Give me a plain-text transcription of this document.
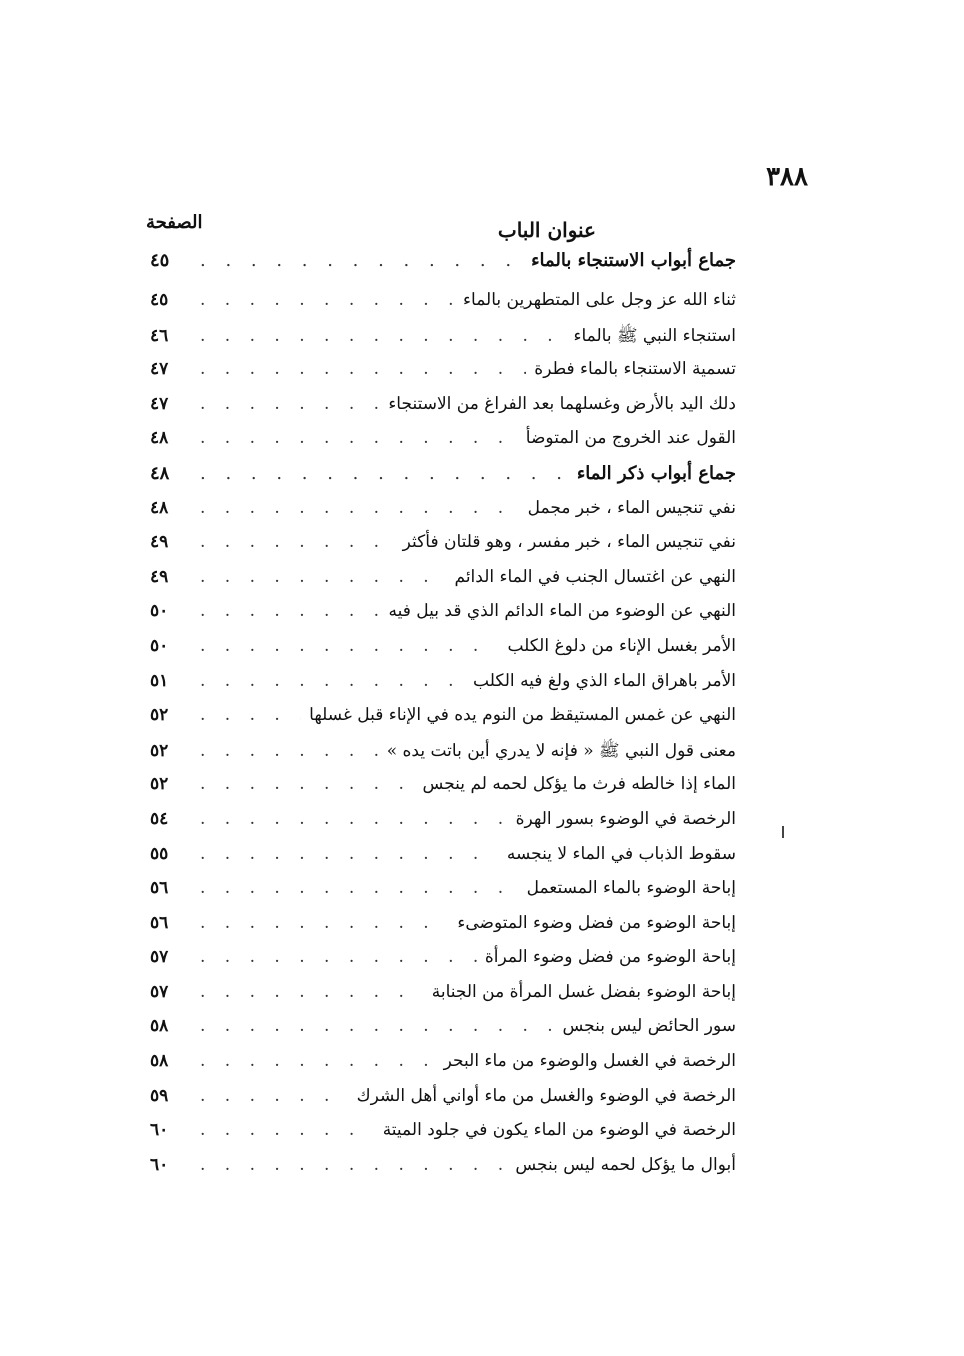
٣٨٨
عنوان الباب
الصفحة
جماع أبواب الاستنجاء بالماء
. . .
٤٥
ثناء الله عز وجل على المتطهرين بالماء
. . .
٤٥
استنجاء النبي ﷺ بالماء
. . .
٤٦
تسمية الاستنجاء بالماء فطرة
. . .
٤٧
دلك اليد بالأرض وغسلهما بعد الفراغ من الاستنجاء
. . .
٤٧
القول عند الخروج من المتوضأ
. . .
٤٨
جماع أبواب ذكر الماء
. . .
٤٨
نفي تنجيس الماء ، خبر مجمل
. . .
٤٨
نفي تنجيس الماء ، خبر مفسر ، وهو قلتان فأكثر
. . .
٤٩
النهي عن اغتسال الجنب في الماء الدائم
. . .
٤٩
النهي عن الوضوء من الماء الدائم الذي قد بيل فيه
. . .
٥٠
الأمر بغسل الإناء من دلوغ الكلب
. . .
٥٠
الأمر باهراق الماء الذي ولغ فيه الكلب
. . .
٥١
النهي عن غمس المستيقظ من النوم يده في الإناء قبل غسلها
. . .
٥٢
معنى قول النبي ﷺ « فإنه لا يدري أين باتت يده »
. . .
٥٢
الماء إذا خالطه فرث ما يؤكل لحمه لم ينجس
. . .
٥٢
الرخصة في الوضوء بسور الهرة
. . .
٥٤
سقوط الذباب في الماء لا ينجسه
. . .
٥٥
إباحة الوضوء بالماء المستعمل
. . .
٥٦
إباحة الوضوء من فضل وضوء المتوضىء
. . .
٥٦
إباحة الوضوء من فضل وضوء المرأة
. . .
٥٧
إباحة الوضوء بفضل غسل المرأة من الجنابة
. . .
٥٧
سور الحائض ليس بنجس
. . .
٥٨
الرخصة في الغسل والوضوء من ماء البحر
. . .
٥٨
الرخصة في الوضوء والغسل من ماء أواني أهل الشرك
. . .
٥٩
الرخصة في الوضوء من الماء يكون في جلود الميتة
. . .
٦٠
أبوال ما يؤكل لحمه ليس بنجس
. . .
٦٠
